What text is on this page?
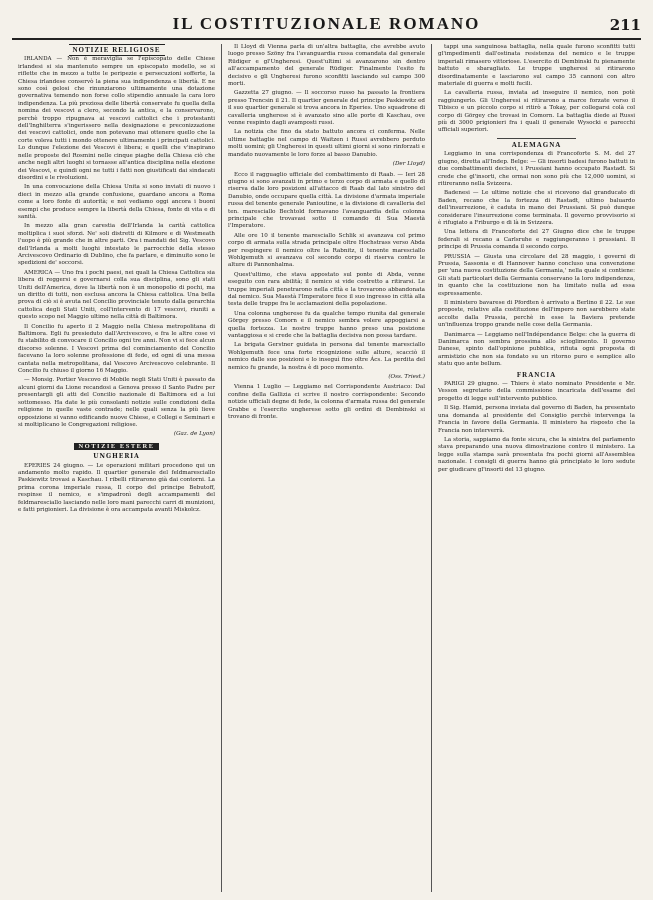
IL COSTITUZIONALE ROMANO	211
NOTIZIE RELIGIOSE

IRLANDA — Non è meraviglia se l'episcopato delle Chiese irlandesi si sia mantenuto sempre un episcopato modello, se si riflette che in mezzo a tutte le peripezie e persecuzioni sofferte, la Chiesa irlandese conservò la piena sua indipendenza e libertà. E ne sono così gelosi che rinunziarono ultimamente una dotazione governativa temendo non forse collo stipendio annuale la cara loro indipendenza. La più preziosa delle libertà conservate fu quella della nomina dei vescovi a clero, secondo la antica, e la conservarono, perchè troppo ripugnava ai vescovi cattolici che i protestanti dell'Inghilterra s'ingerissero nella designazione e preconizzazione dei vescovi cattolici, onde non potevano mai ottenere quello che la corte voleva tutti i mondo ottenere ultimamente i principati cattolici. Lo dunque l'elezione dei Vescovi è libera; e quelli che v'inspirano nelle proposte del Rosmini nelle cinque piaghe della Chiesa ciò che anche negli altri luoghi si tornasse all'antica disciplina nella elezione dei Vescovi, e quindi ogni ne tutti i fatti non giustificati dai sindacati disordini e le rivoluzioni.

In una convocazione della Chiesa Unita si sono inviati di nuovo i dieci in mezzo alla grande confusione, guardano ancora a Roma come a loro fonte di autorità; e noi vediamo oggi ancora i buoni esempi che produce sempre la libertà della Chiesa, fonte di vita e di sanità.

In mezzo alla gran carestia dell'Irlanda la carità cattolica moltiplica i suoi sforzi. Ne' soli distretti di Kilmore e di Westmeath l'uopo è più grande che in altre parti. Ora i mandati del Sig. Vescovo dell'Irlanda a molti luoghi intestato le parrocchie della stesso Arcivescovo Ordinario di Dublino, che fa parlare, e diminuito sono le spedizioni de' soccorsi.

AMERICA — Uno fra i pochi paesi, nei quali la Chiesa Cattolica sia libera di reggersi e governarsi colla sua disciplina, sono gli stati Uniti dell'America, dove la libertà non è un monopolio di pochi, ma un diritto di tutti, non esclusa ancora la Chiesa cattolica. Una bella prova di ciò si è avuta nel Concilio provinciale tenuto dalla gerarchia cattolica degli Stati Uniti, coll'intervento di 17 vescovi, riuniti a questo scopo nel Maggio ultimo nella città di Baltimora.

Il Concilio fu aperto il 2 Maggio nella Chiesa metropolitana di Baltimora. Egli fu presieduto dall'Arcivescovo, e fra le altre cose vi fu stabilito di convocare il Concilio ogni tre anni. Non vi si fece alcun discorso solenne. I Vescovi prima del cominciamento del Concilio facevano la loro solenne professione di fede, ed ogni dì una messa cantata nella metropolitana, dal Vescovo Arcivescovo celebrante. Il Concilio fu chiuso il giorno 16 Maggio.

— Monsig. Portier Vescovo di Mobile negli Stati Uniti è passato da alcuni giorni da Lione recandosi a Genova presso il Santo Padre per presentargli gli atti del Concilio nazionale di Baltimora ed a lui sottomesso. Ha date le più consolanti notizie sulle condizioni della religione in quelle vaste contrade; nelle quali senza la più lieve opposizione si vanno edificando nuove Chiese, e Collegi e Seminari e si moltiplicano le Congregazioni religiose.

(Gaz. de Lyon)
NOTIZIE ESTERE
UNGHERIA

EPERIES 24 giugno. — Le operazioni militari procedono qui un andamento molto rapido. Il quartier generale del feldmaresciallo Paskiewitz trovasi a Kaschau. I ribelli ritirarono già dai contorni. La prima corona imperiale russa, Il corpo del principe Bebutoff, respinse il nemico, e s'impadronì degli accampamenti del feldmaresciallo lasciando nelle loro mani parecchi carri di munizioni, e fatti prigionieri. La divisione è ora accampata avanti Miskolcz.

Il Lloyd di Vienna parla di un'altra battaglia, che avrebbe avuto luogo presso Szöny fra l'avanguardia russa comandata dal generale Rüdiger e gl'Ungheresi. Quest'ultimi si avanzarono sin dentro all'accampamento del generale Rüdiger. Finalmente l'esito fu decisivo e gli Ungheresi furono sconfitti lasciando sul campo 300 morti.

Gazzetta 27 giugno. — Il soccorso russo ha passato la frontiera presso Trencsin il 21. Il quartier generale del principe Paskiewitz ed il suo quartier generale si trova ancora in Eperies. Uno squadrone di cavalleria ungherese si è avanzato sino alle porte di Kaschau, ove venne respinto dagli avamposti russi.

La notizia che fino da stato battuto ancora ci conferma. Nelle ultime battaglie nel campo di Waitzen i Russi avrebbero perduto molti uomini; gli Ungheresi in questi ultimi giorni si sono rinforzati e mandato nuovamente le loro forze al basso Danubio.

(Der Lloyd)

Ecco il ragguaglio ufficiale del combattimento di Raab. — Ieri 28 giugno si sono avanzati in primo e terzo corpo di armata e quello di riserva dalle loro posizioni all'attacco di Raab dal lato sinistro del Danubio, onde occupare quella città. La divisione d'armata imperiale russa del tenente generale Panioutine, e la divisione di cavalleria del ten. maresciallo Bechtold formavano l'avanguardia della colonna principale che trovavasi sotto il comando di Sua Maestà l'Imperatore.

Alle ore 10 il tenente maresciallo Schlik si avanzava col primo corpo di armata sulla strada principale oltre Hochstrass verso Abda per respingere il nemico oltre la Rabnitz, il tenente maresciallo Wohlgemuth si avanzava col secondo corpo di riserva contro le alture di Pannonhalma.

Quest'ultimo, che stava appostato sul ponte di Abda, venne eseguito con rara abilità; il nemico si vide costretto a ritirarsi. Le truppe imperiali penetrarono nella città e la trovarono abbandonata dal nemico. Sua Maestà l'Imperatore fece il suo ingresso in città alla testa delle truppe fra le acclamazioni della popolazione.

Una colonna ungherese fu da qualche tempo riunita dal generale Görgey presso Comorn e il nemico sembra volere appoggiarsi a quella fortezza. Le nostre truppe hanno preso una posizione vantaggiosa e si crede che la battaglia decisiva non possa tardare.

La brigata Gerstner guidata in persona dal tenente maresciallo Wohlgemuth fece una forte ricognizione sulle alture, scacciò il nemico dalle sue posizioni e lo inseguì fino oltre Ács. La perdita del nemico fu grande, la nostra è di poco momento.

(Oss. Triest.)

Vienna 1 Luglio — Leggiamo nel Corrispondente Austriaco: Dal confine della Gallizia ci scrive il nostro corrispondente: Secondo notizie ufficiali degne di fede, la colonna d'armata russa del generale Grabbe e l'esercito ungherese sotto gli ordini di Dembinski si trovano di fronte.

tappi una sanguinosa battaglia, nella quale furono sconfitti tutti gl'impedimenti dall'ostinata resistenza del nemico e le truppe imperiali rimasero vittoriose. L'esercito di Dembinski fu pienamente battuto e sbaragliato. Le truppe ungheresi si ritirarono disordinatamente e lasciarono sul campo 35 cannoni con altro materiale di guerra e molti fucili.

La cavalleria russa, inviata ad inseguire il nemico, non potè raggiungerlo. Gli Ungheresi si ritirarono a marce forzate verso il Tibisco e un piccolo corpo si ritirò a Tokay, per collegarsi colà col corpo di Görgey che trovasi in Comorn. La battaglia diede ai Russi più di 3000 prigionieri fra i quali il generale Wysocki e parecchi ufficiali superiori.

ALEMAGNA

Leggiamo in una corrispondenza di Francoforte S. M. del 27 giugno, diretta all'Indep. Belge: — Gli insorti badesi furono battuti in due combattimenti decisivi, i Prussiani hanno occupato Rastadt. Si crede che gl'insorti, che ormai non sono più che 12,000 uomini, si ritireranno nella Svizzera.

Badenesi — Le ultime notizie che si ricevono dal granducato di Baden, recano che la fortezza di Rastadt, ultimo baluardo dell'insurrezione, è caduta in mano dei Prussiani. Si può dunque considerare l'insurrezione come terminata. Il governo provvisorio si è rifugiato a Friburgo e di là in Svizzera.

Una lettera di Francoforte del 27 Giugno dice che le truppe federali si recano a Carlsruhe e raggiungeranno i prussiani. Il principe di Prussia comanda il secondo corpo.

PRUSSIA — Giusta una circolare del 28 maggio, i governi di Prussia, Sassonia e di Hannover hanno concluso una convenzione per 'una nuova costituzione della Germania,' nella quale si contiene: Gli stati particolari della Germania conservano la loro indipendenza, in quanto che la costituzione non ha limitato nulla ad essa espressamente.

Il ministero bavarese di Pfordten è arrivato a Berlino il 22. Le sue proposte, relative alla costituzione dell'impero non sarebbero state accolte dalla Prussia, perchè in esse la Baviera pretende un'influenza troppo grande nelle cose della Germania.

Danimarca — Leggiamo nell'Indépendance Belge: che la guerra di Danimarca non sembra prossima allo scioglimento. Il governo Danese, spinto dall'opinione pubblica, rifiuta ogni proposta di armistizio che non sia fondato su un ritorno puro e semplice allo statu quo ante bellum.

FRANCIA

PARIGI 29 giugno. — Thiers è stato nominato Presidente e Mr. Vesson segretario della commissione incaricata dell'esame del progetto di legge sull'intervento pubblico.

Il Sig. Hamid, persona inviata dal governo di Baden, ha presentato una domanda al presidente del Consiglio perchè intervenga la Francia in favore della Germania. Il ministero ha risposto che la Francia non interverrà.

La storia, sappiamo da fonte sicura, che la sinistra del parlamento stava preparando una nuova dimostrazione contro il ministero. La legge sulla stampa sarà presentata fra pochi giorni all'Assemblea nazionale. I consigli di guerra hanno già principiato le loro sedute per giudicare gl'insorti del 13 giugno.
